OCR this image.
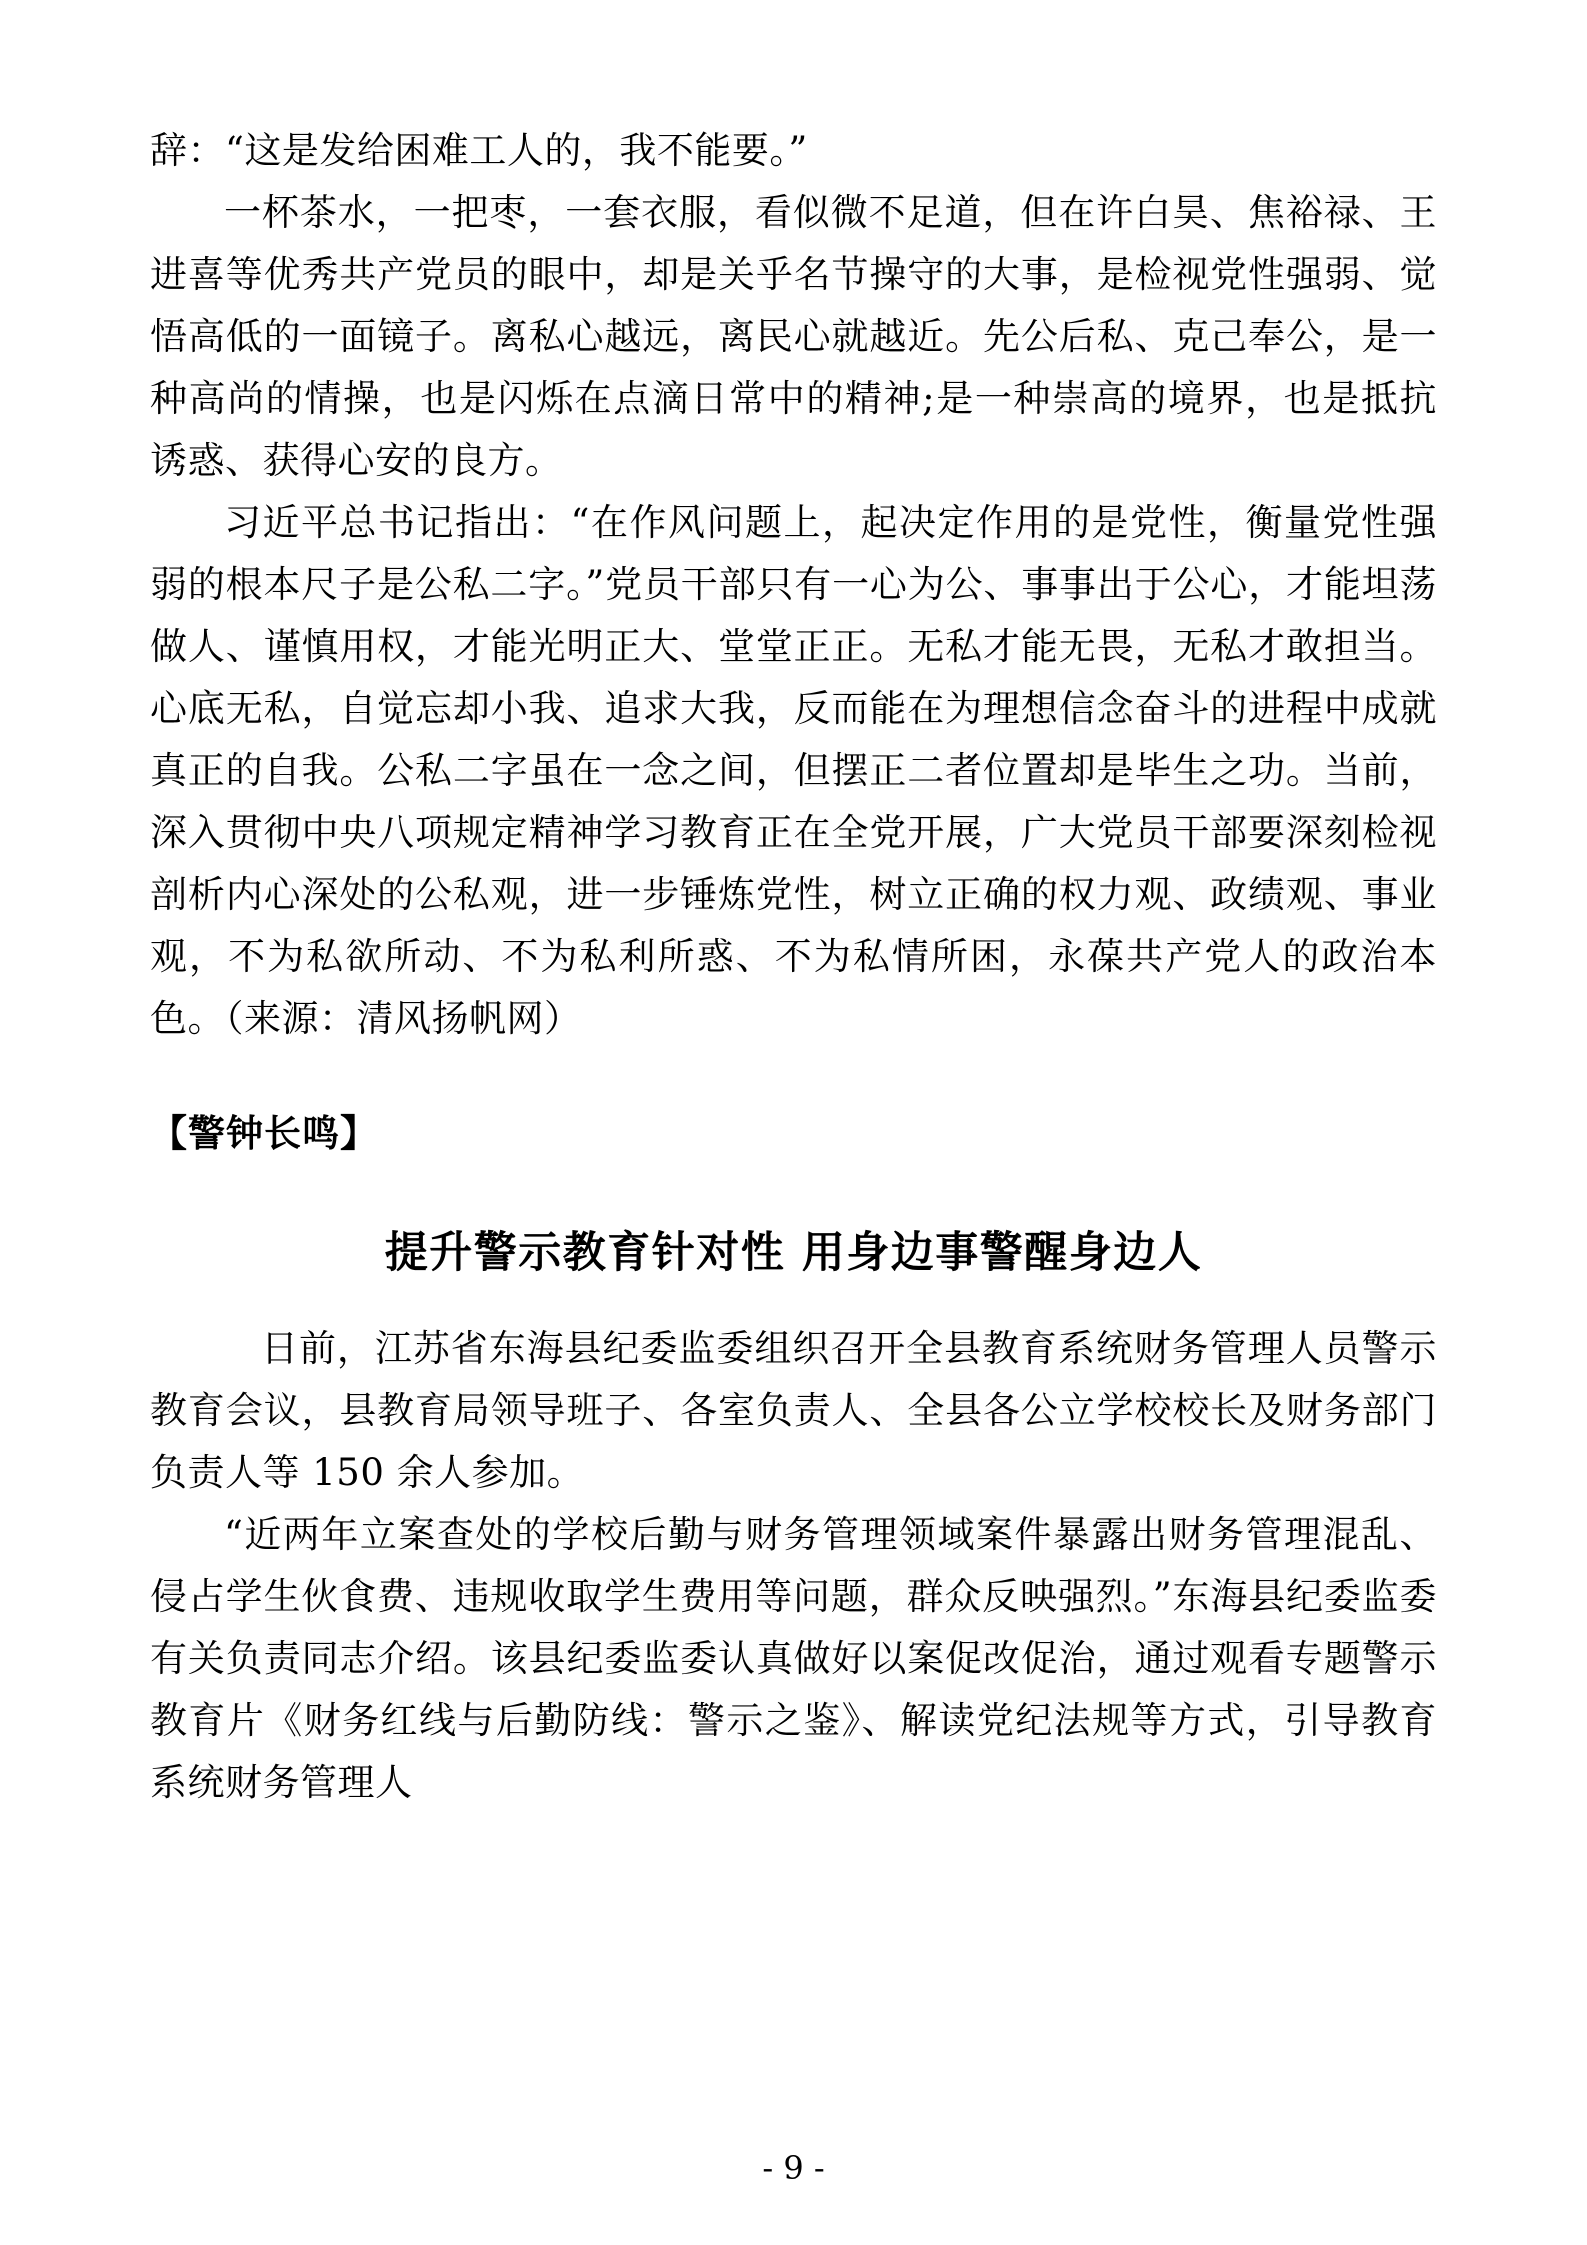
辞：“这是发给困难工人的，我不能要。”

一杯茶水，一把枣，一套衣服，看似微不足道，但在许白昊、焦裕禄、王进喜等优秀共产党员的眼中，却是关乎名节操守的大事，是检视党性强弱、觉悟高低的一面镜子。离私心越远，离民心就越近。先公后私、克己奉公，是一种高尚的情操，也是闪烁在点滴日常中的精神;是一种崇高的境界，也是抵抗诱惑、获得心安的良方。

习近平总书记指出：“在作风问题上，起决定作用的是党性，衡量党性强弱的根本尺子是公私二字。”党员干部只有一心为公、事事出于公心，才能坦荡做人、谨慎用权，才能光明正大、堂堂正正。无私才能无畏，无私才敢担当。心底无私，自觉忘却小我、追求大我，反而能在为理想信念奋斗的进程中成就真正的自我。公私二字虽在一念之间，但摆正二者位置却是毕生之功。当前，深入贯彻中央八项规定精神学习教育正在全党开展，广大党员干部要深刻检视剖析内心深处的公私观，进一步锤炼党性，树立正确的权力观、政绩观、事业观，不为私欲所动、不为私利所惑、不为私情所困，永葆共产党人的政治本色。（来源：清风扬帆网）

【警钟长鸣】
提升警示教育针对性 用身边事警醒身边人

日前，江苏省东海县纪委监委组织召开全县教育系统财务管理人员警示教育会议，县教育局领导班子、各室负责人、全县各公立学校校长及财务部门负责人等 150 余人参加。

“近两年立案查处的学校后勤与财务管理领域案件暴露出财务管理混乱、侵占学生伙食费、违规收取学生费用等问题，群众反映强烈。”东海县纪委监委有关负责同志介绍。该县纪委监委认真做好以案促改促治，通过观看专题警示教育片《财务红线与后勤防线：警示之鉴》、解读党纪法规等方式，引导教育系统财务管理人

- 9 -
